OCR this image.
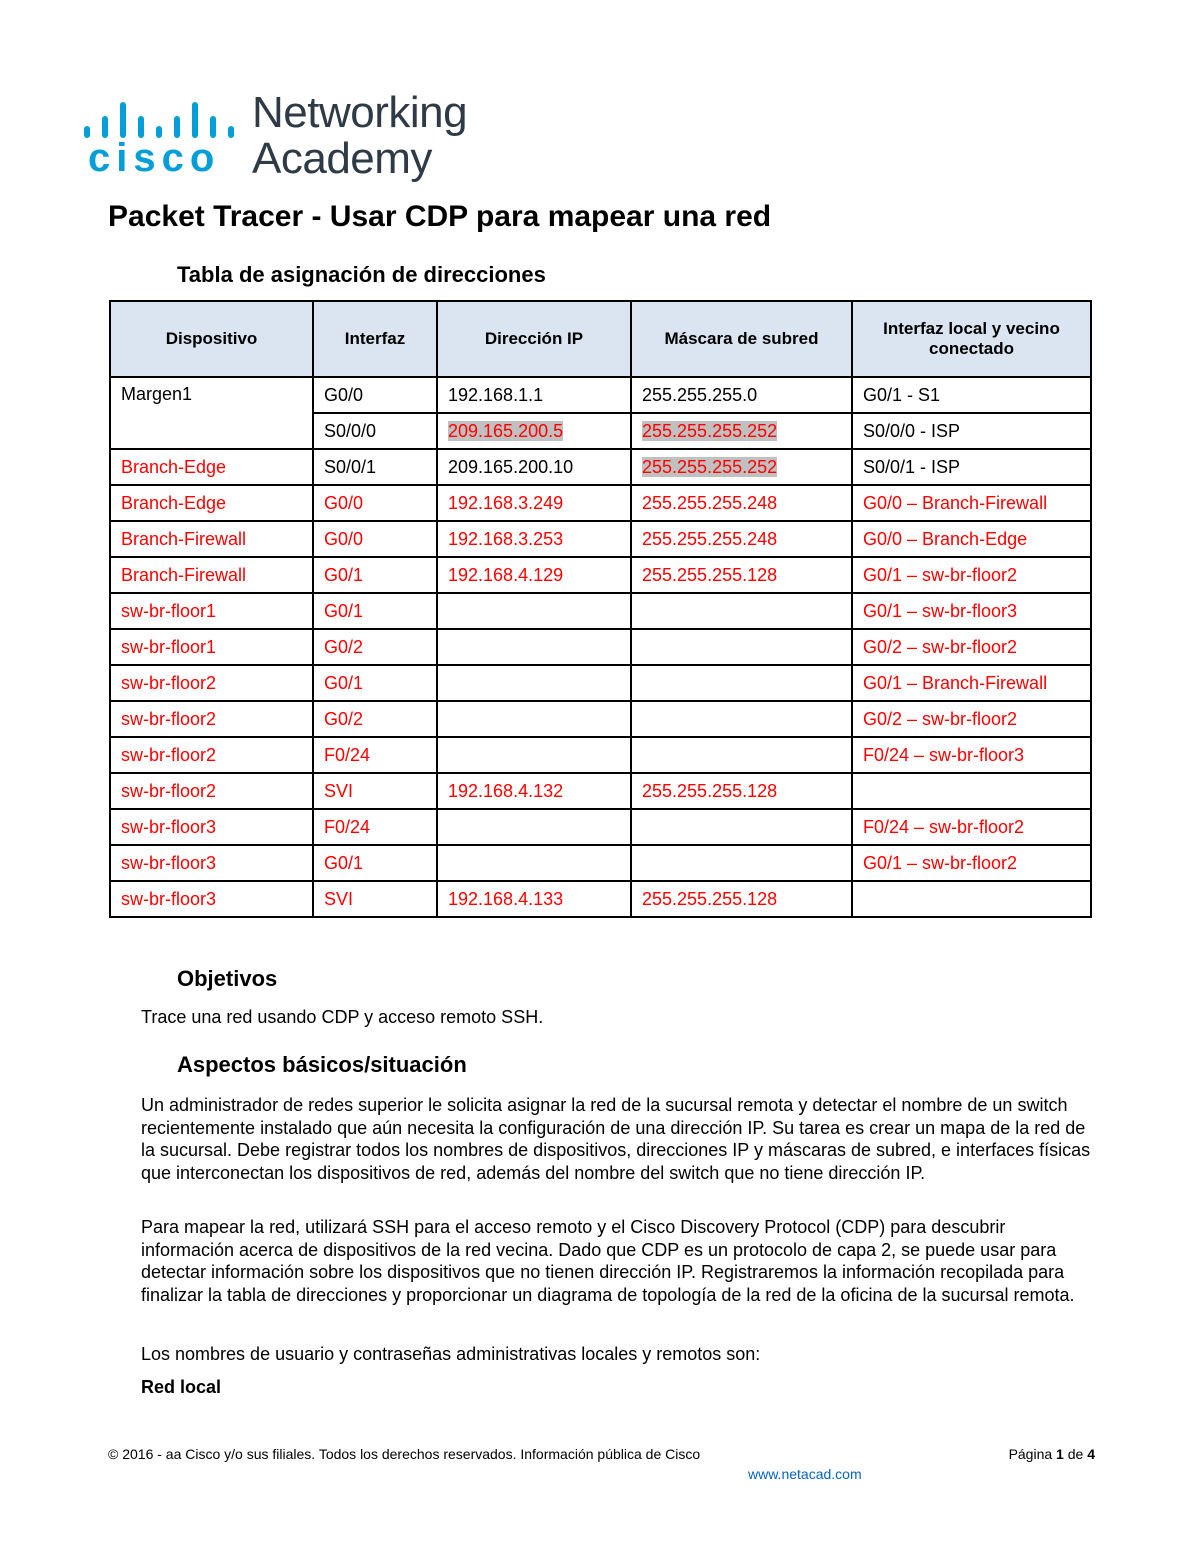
cisco
Networking
Academy
Packet Tracer - Usar CDP para mapear una red
Tabla de asignación de direcciones
Dispositivo	Interfaz	Dirección IP	Máscara de subred	Interfaz local y vecino conectado
Margen1	G0/0	192.168.1.1	255.255.255.0	G0/1 - S1
	S0/0/0	209.165.200.5	255.255.255.252	S0/0/0 - ISP
Branch-Edge	S0/0/1	209.165.200.10	255.255.255.252	S0/0/1 - ISP
Branch-Edge	G0/0	192.168.3.249	255.255.255.248	G0/0 – Branch-Firewall
Branch-Firewall	G0/0	192.168.3.253	255.255.255.248	G0/0 – Branch-Edge
Branch-Firewall	G0/1	192.168.4.129	255.255.255.128	G0/1 – sw-br-floor2
sw-br-floor1	G0/1			G0/1 – sw-br-floor3
sw-br-floor1	G0/2			G0/2 – sw-br-floor2
sw-br-floor2	G0/1			G0/1 – Branch-Firewall
sw-br-floor2	G0/2			G0/2 – sw-br-floor2
sw-br-floor2	F0/24			F0/24 – sw-br-floor3
sw-br-floor2	SVI	192.168.4.132	255.255.255.128	
sw-br-floor3	F0/24			F0/24 – sw-br-floor2
sw-br-floor3	G0/1			G0/1 – sw-br-floor2
sw-br-floor3	SVI	192.168.4.133	255.255.255.128	
Objetivos
Trace una red usando CDP y acceso remoto SSH.
Aspectos básicos/situación
Un administrador de redes superior le solicita asignar la red de la sucursal remota y detectar el nombre de un switch recientemente instalado que aún necesita la configuración de una dirección IP. Su tarea es crear un mapa de la red de la sucursal. Debe registrar todos los nombres de dispositivos, direcciones IP y máscaras de subred, e interfaces físicas que interconectan los dispositivos de red, además del nombre del switch que no tiene dirección IP.
Para mapear la red, utilizará SSH para el acceso remoto y el Cisco Discovery Protocol (CDP) para descubrir información acerca de dispositivos de la red vecina. Dado que CDP es un protocolo de capa 2, se puede usar para detectar información sobre los dispositivos que no tienen dirección IP. Registraremos la información recopilada para finalizar la tabla de direcciones y proporcionar un diagrama de topología de la red de la oficina de la sucursal remota.
Los nombres de usuario y contraseñas administrativas locales y remotos son:
Red local
© 2016 - aa Cisco y/o sus filiales. Todos los derechos reservados. Información pública de Cisco	Página 1 de 4
www.netacad.com
